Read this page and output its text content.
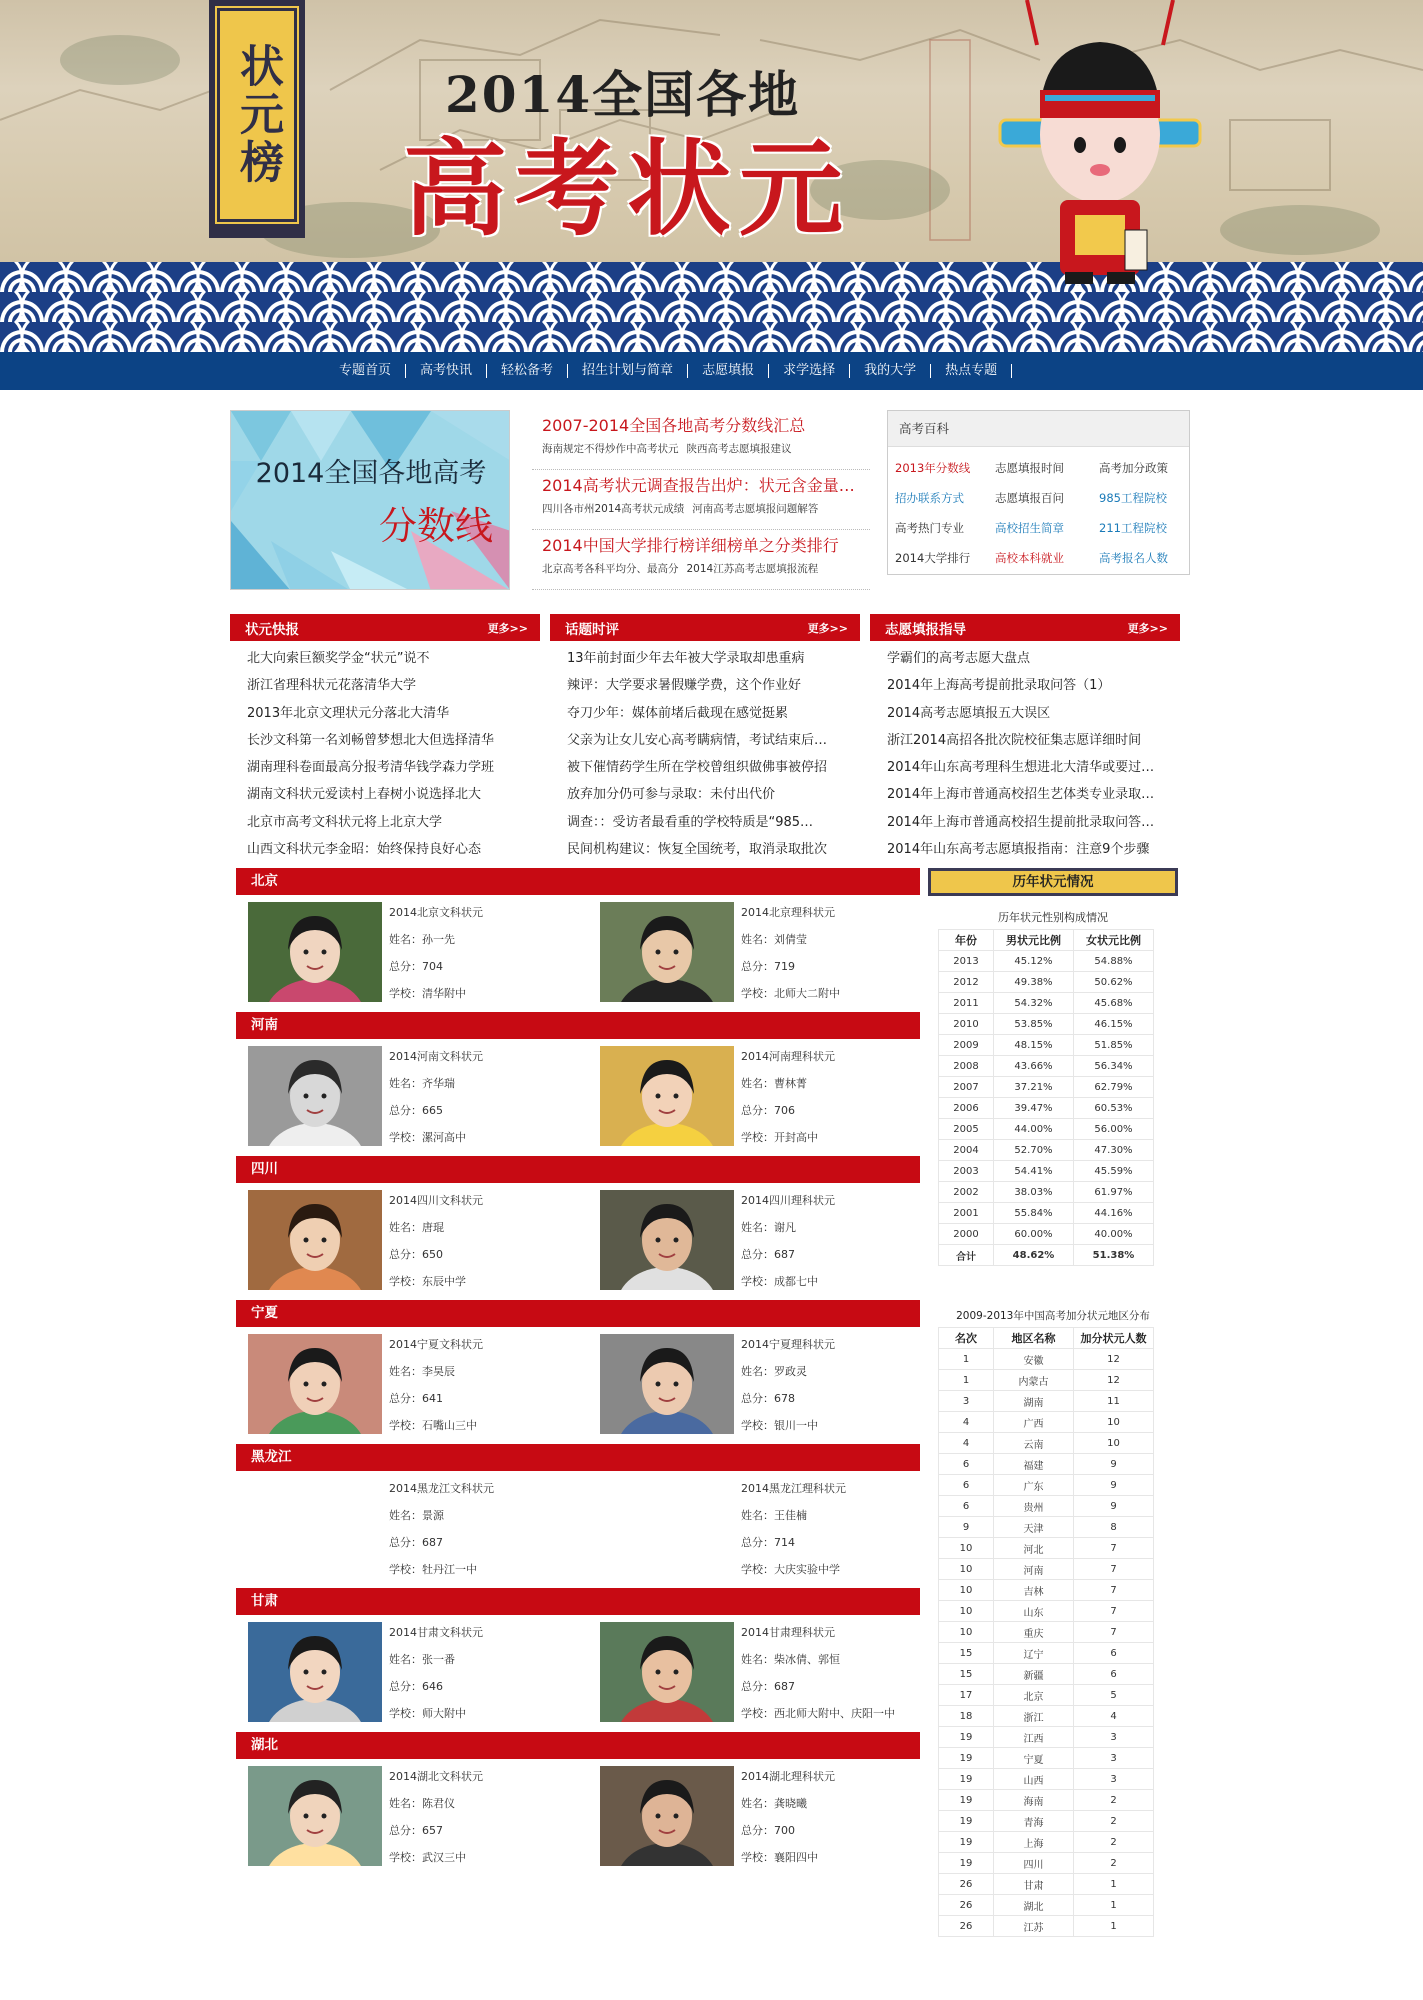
状元榜	2014全国各地
高考状元
专题首页	高考快讯	轻松备考	招生计划与简章	志愿填报	求学选择	我的大学	热点专题
2014全国各地高考
分数线
2007-2014全国各地高考分数线汇总
海南规定不得炒作中高考状元 陕西高考志愿填报建议
2014高考状元调查报告出炉：状元含金量…
四川各市州2014高考状元成绩 河南高考志愿填报问题解答
2014中国大学排行榜详细榜单之分类排行
北京高考各科平均分、最高分 2014江苏高考志愿填报流程
高考百科
2013年分数线	志愿填报时间	高考加分政策
招办联系方式	志愿填报百问	985工程院校
高考热门专业	高校招生简章	211工程院校
2014大学排行	高校本科就业	高考报名人数
状元快报	更多>>
北大向索巨额奖学金“状元”说不
浙江省理科状元花落清华大学
2013年北京文理状元分落北大清华
长沙文科第一名刘畅曾梦想北大但选择清华
湖南理科卷面最高分报考清华钱学森力学班
湖南文科状元爱读村上春树小说选择北大
北京市高考文科状元将上北京大学
山西文科状元李金昭：始终保持良好心态
话题时评	更多>>
13年前封面少年去年被大学录取却患重病
辣评：大学要求暑假赚学费，这个作业好
夺刀少年：媒体前堵后截现在感觉挺累
父亲为让女儿安心高考瞒病情，考试结束后…
被下催情药学生所在学校曾组织做佛事被停招
放弃加分仍可参与录取：未付出代价
调查：：受访者最看重的学校特质是“985…
民间机构建议：恢复全国统考，取消录取批次
志愿填报指导	更多>>
学霸们的高考志愿大盘点
2014年上海高考提前批录取问答（1）
2014高考志愿填报五大误区
浙江2014高招各批次院校征集志愿详细时间
2014年山东高考理科生想进北大清华或要过…
2014年上海市普通高校招生艺体类专业录取…
2014年上海市普通高校招生提前批录取问答…
2014年山东高考志愿填报指南：注意9个步骤
北京
2014北京文科状元
姓名：孙一先
总分：704
学校：清华附中
2014北京理科状元
姓名：刘倩莹
总分：719
学校：北师大二附中
河南
2014河南文科状元
姓名：齐华瑞
总分：665
学校：漯河高中
2014河南理科状元
姓名：曹林菁
总分：706
学校：开封高中
四川
2014四川文科状元
姓名：唐琨
总分：650
学校：东辰中学
2014四川理科状元
姓名：谢凡
总分：687
学校：成都七中
宁夏
2014宁夏文科状元
姓名：李昊辰
总分：641
学校：石嘴山三中
2014宁夏理科状元
姓名：罗政灵
总分：678
学校：银川一中
黑龙江
2014黑龙江文科状元
姓名：景源
总分：687
学校：牡丹江一中
2014黑龙江理科状元
姓名：王佳楠
总分：714
学校：大庆实验中学
甘肃
2014甘肃文科状元
姓名：张一番
总分：646
学校：师大附中
2014甘肃理科状元
姓名：柴冰倩、郭恒
总分：687
学校：西北师大附中、庆阳一中
湖北
2014湖北文科状元
姓名：陈君仪
总分：657
学校：武汉三中
2014湖北理科状元
姓名：龚晓曦
总分：700
学校：襄阳四中
历年状元情况
历年状元性别构成情况
年份	男状元比例	女状元比例
2013	45.12%	54.88%
2012	49.38%	50.62%
2011	54.32%	45.68%
2010	53.85%	46.15%
2009	48.15%	51.85%
2008	43.66%	56.34%
2007	37.21%	62.79%
2006	39.47%	60.53%
2005	44.00%	56.00%
2004	52.70%	47.30%
2003	54.41%	45.59%
2002	38.03%	61.97%
2001	55.84%	44.16%
2000	60.00%	40.00%
合计	48.62%	51.38%
2009-2013年中国高考加分状元地区分布
名次	地区名称	加分状元人数
1	安徽	12
1	内蒙古	12
3	湖南	11
4	广西	10
4	云南	10
6	福建	9
6	广东	9
6	贵州	9
9	天津	8
10	河北	7
10	河南	7
10	吉林	7
10	山东	7
10	重庆	7
15	辽宁	6
15	新疆	6
17	北京	5
18	浙江	4
19	江西	3
19	宁夏	3
19	山西	3
19	海南	2
19	青海	2
19	上海	2
19	四川	2
26	甘肃	1
26	湖北	1
26	江苏	1
